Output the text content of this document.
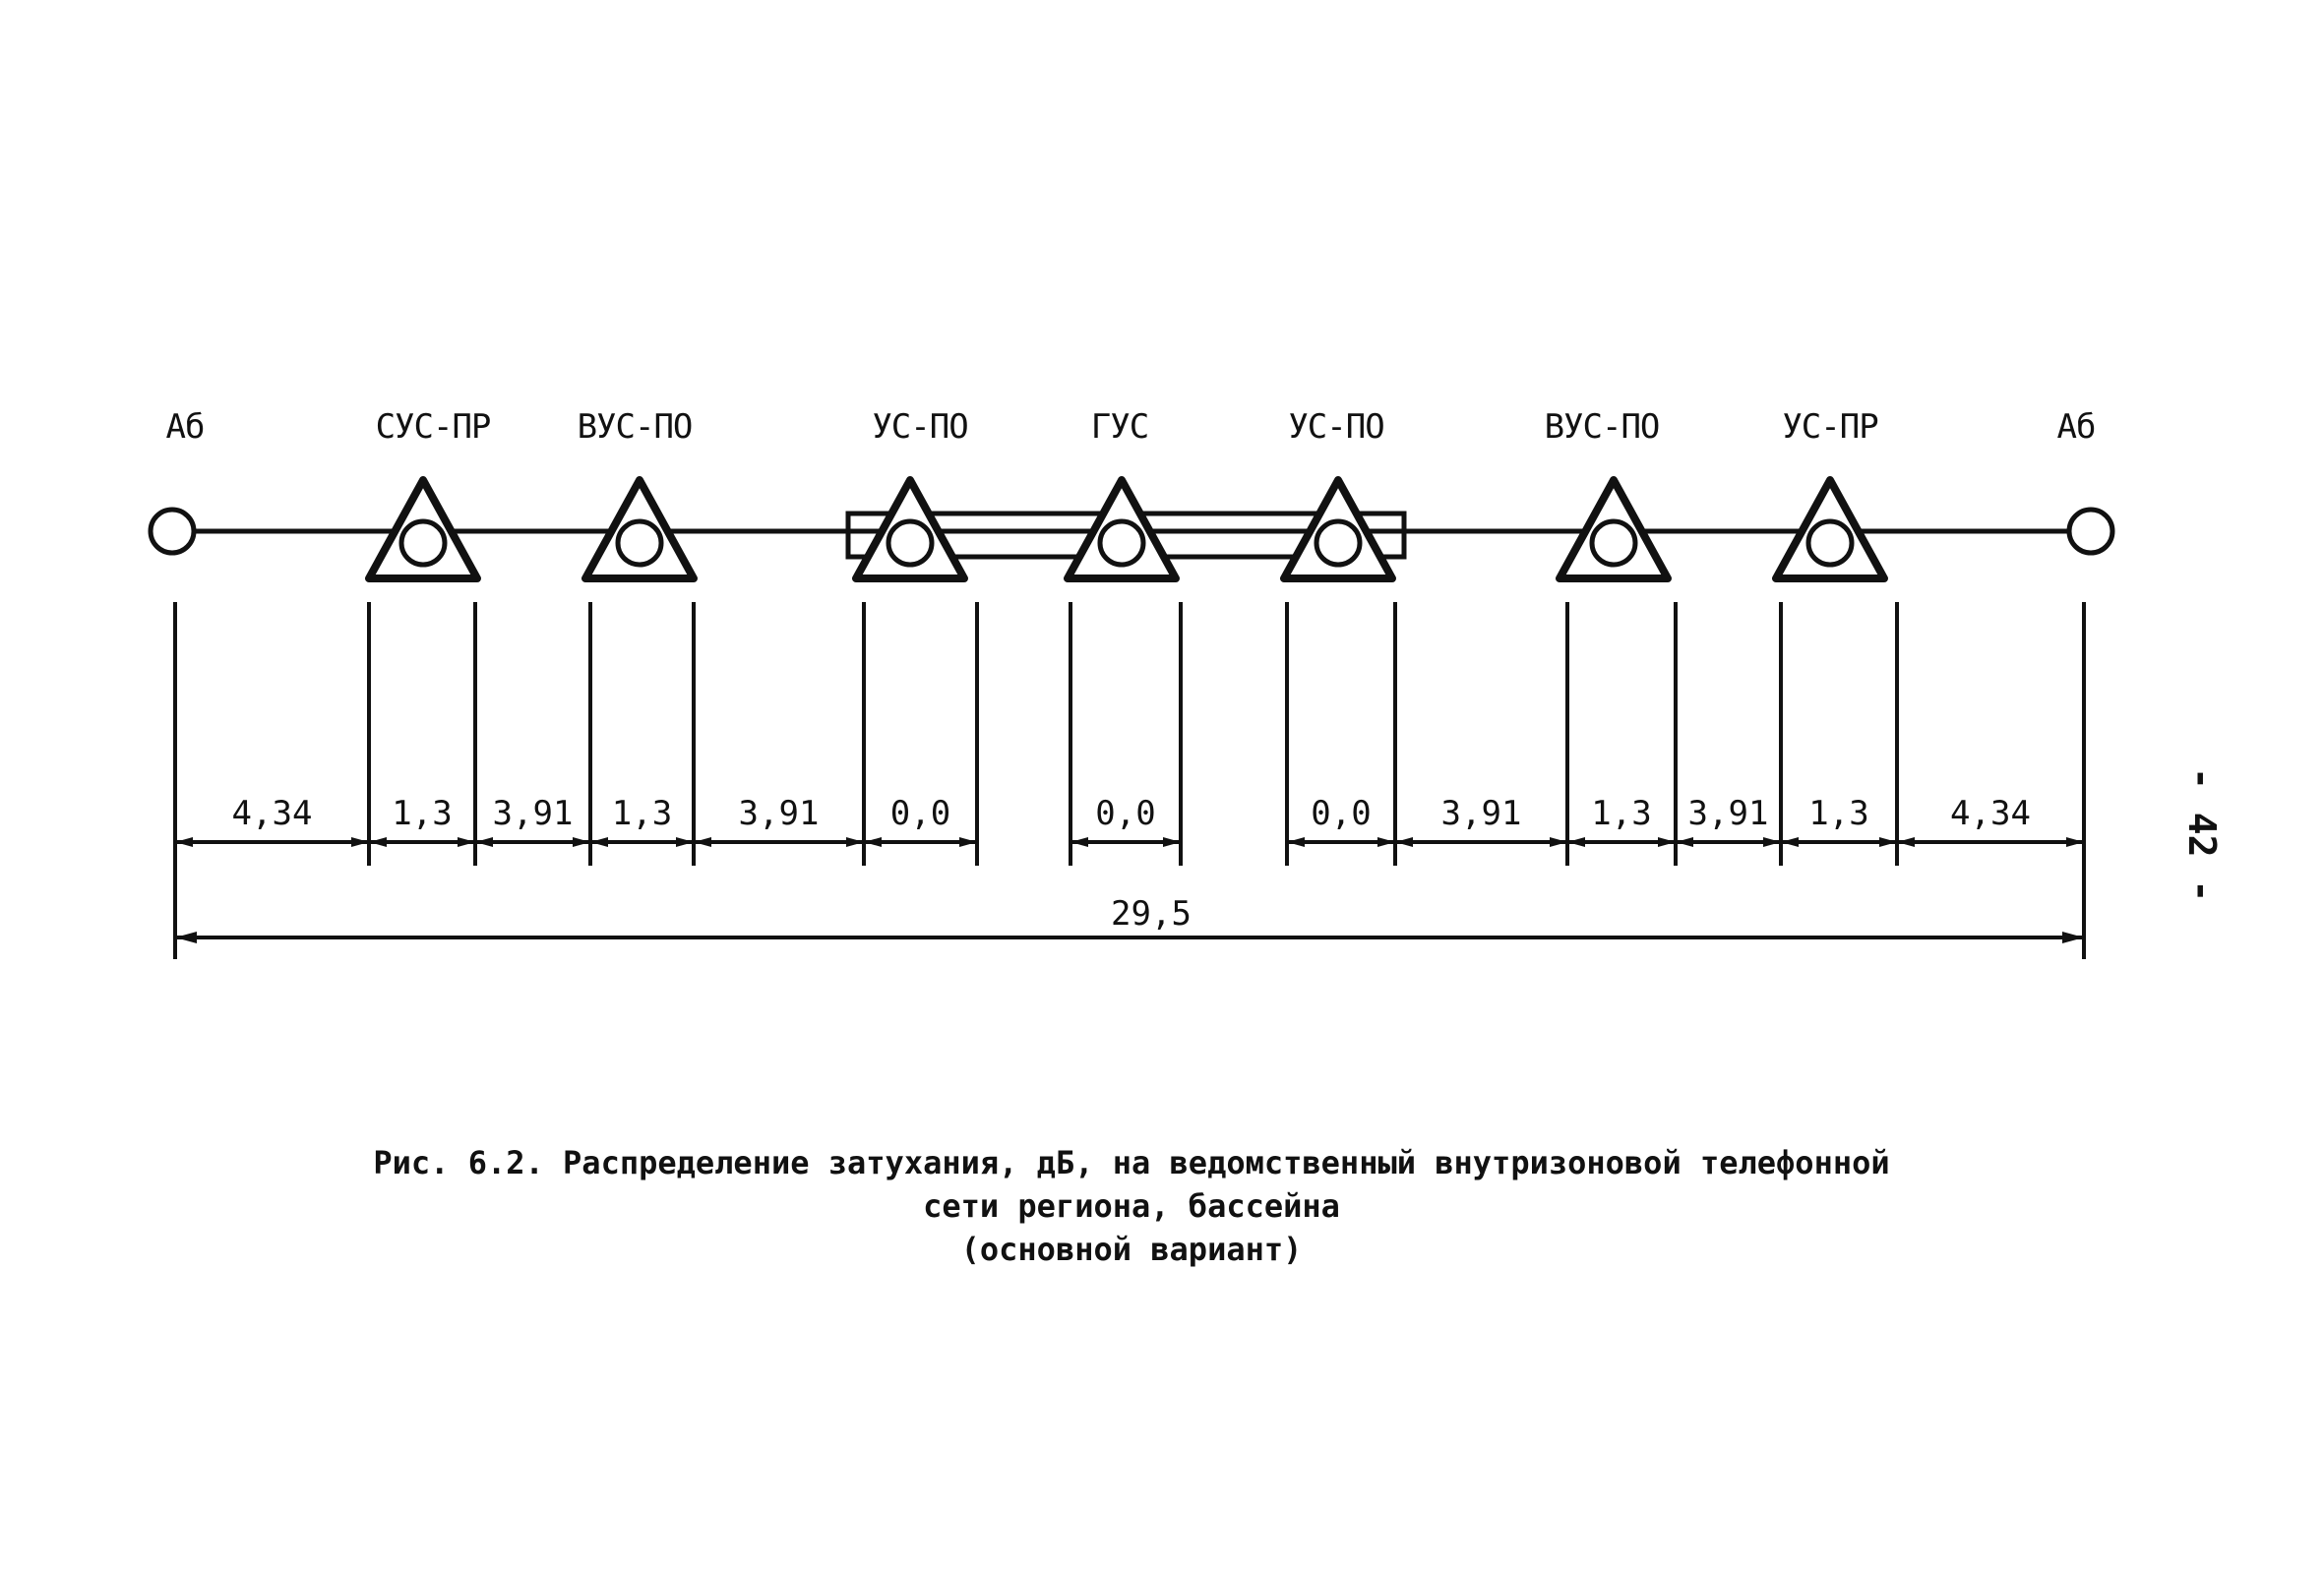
Аб	СУС-ПР	ВУС-ПО	УС-ПО	ГУС	УС-ПО	ВУС-ПО	УС-ПР	Аб
4,34 1,3 3,91 1,3 3,91 0,0	0,0	0,0 3,91 1,3 3,91 1,3 4,34
29,5
Рис. 6.2. Распределение затухания, дБ, на ведомственный внутризоновой телефонной
сети региона, бассейна
(основной вариант)
- 42 -
